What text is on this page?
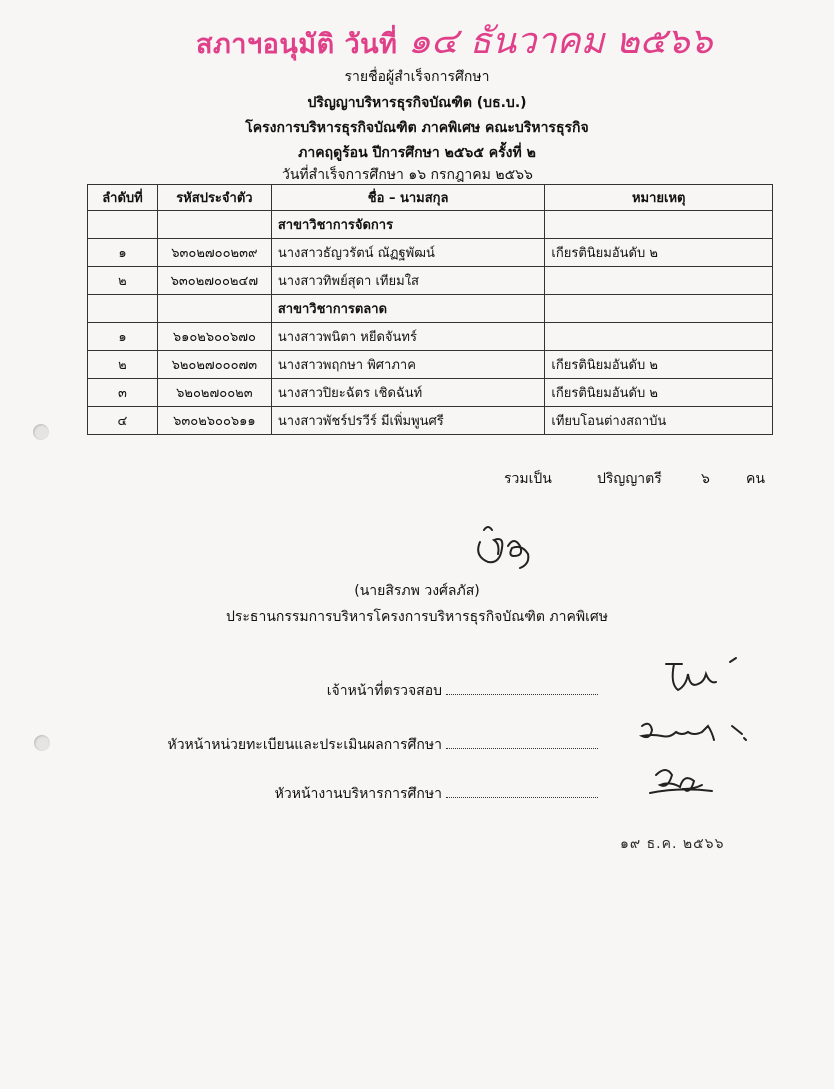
สภาฯอนุมัติ วันที่ ๑๔ ธันวาคม ๒๕๖๖
รายชื่อผู้สำเร็จการศึกษา
ปริญญาบริหารธุรกิจบัณฑิต (บธ.บ.)
โครงการบริหารธุรกิจบัณฑิต ภาคพิเศษ คณะบริหารธุรกิจ
ภาคฤดูร้อน ปีการศึกษา ๒๕๖๕ ครั้งที่ ๒
วันที่สำเร็จการศึกษา ๑๖ กรกฎาคม ๒๕๖๖
ลำดับที่	รหัสประจำตัว	ชื่อ – นามสกุล	หมายเหตุ
		สาขาวิชาการจัดการ	
๑	๖๓๐๒๗๐๐๒๓๙	นางสาวธัญวรัตน์ ณัฏฐพัฒน์	เกียรตินิยมอันดับ ๒
๒	๖๓๐๒๗๐๐๒๔๗	นางสาวทิพย์สุดา เทียมใส	
		สาขาวิชาการตลาด	
๑	๖๑๐๒๖๐๐๖๗๐	นางสาวพนิตา หยีดจันทร์	
๒	๖๒๐๒๗๐๐๐๗๓	นางสาวพฤกษา พิศาภาค	เกียรตินิยมอันดับ ๒
๓	๖๒๐๒๗๐๐๒๓	นางสาวปิยะฉัตร เชิดฉันท์	เกียรตินิยมอันดับ ๒
๔	๖๓๐๒๖๐๐๖๑๑	นางสาวพัชร์ปรวีร์ มีเพิ่มพูนศรี	เทียบโอนต่างสถาบัน
รวมเป็น	ปริญญาตรี	๖	คน
(นายสิรภพ วงศ์ลภัส)
ประธานกรรมการบริหารโครงการบริหารธุรกิจบัณฑิต ภาคพิเศษ
เจ้าหน้าที่ตรวจสอบ
หัวหน้าหน่วยทะเบียนและประเมินผลการศึกษา
หัวหน้างานบริหารการศึกษา
๑๙ ธ.ค. ๒๕๖๖
